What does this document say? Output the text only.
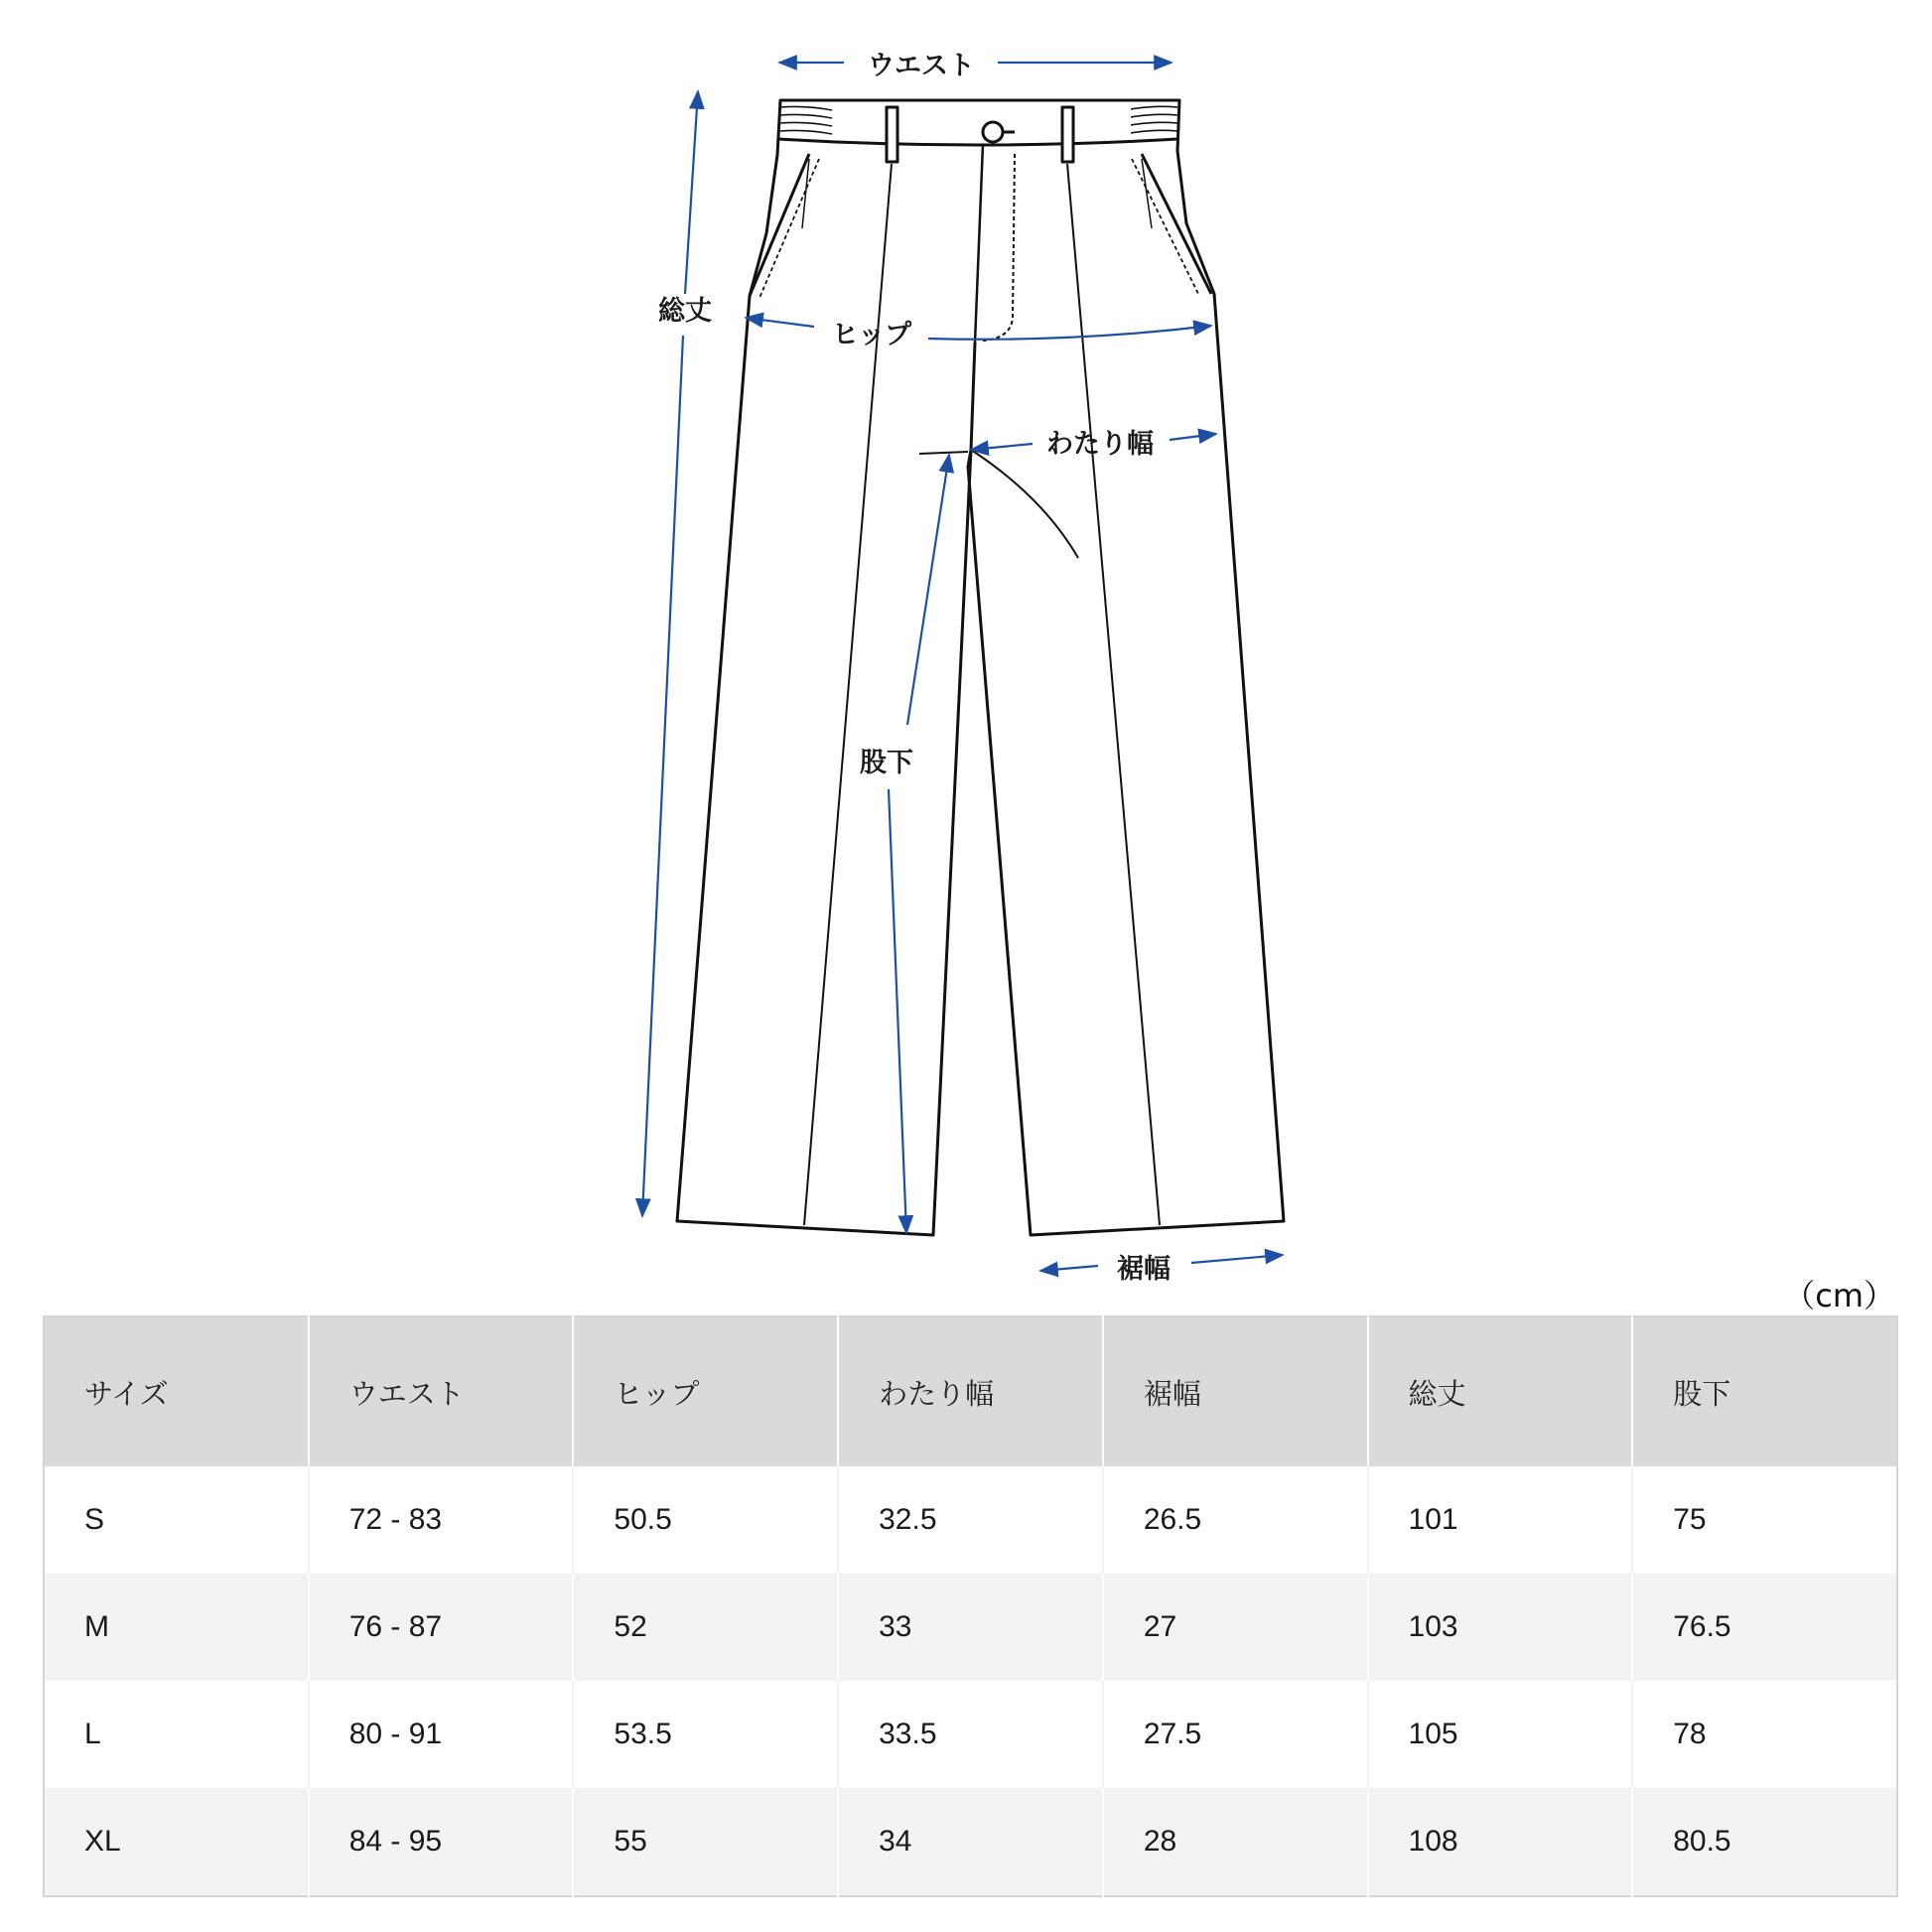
ウエスト
総丈
ヒップ
わたり幅
股下
裾幅
（cm）
サイズ	ウエスト	ヒップ	わたり幅	裾幅	総丈	股下
S	72 - 83	50.5	32.5	26.5	101	75
M	76 - 87	52	33	27	103	76.5
L	80 - 91	53.5	33.5	27.5	105	78
XL	84 - 95	55	34	28	108	80.5
